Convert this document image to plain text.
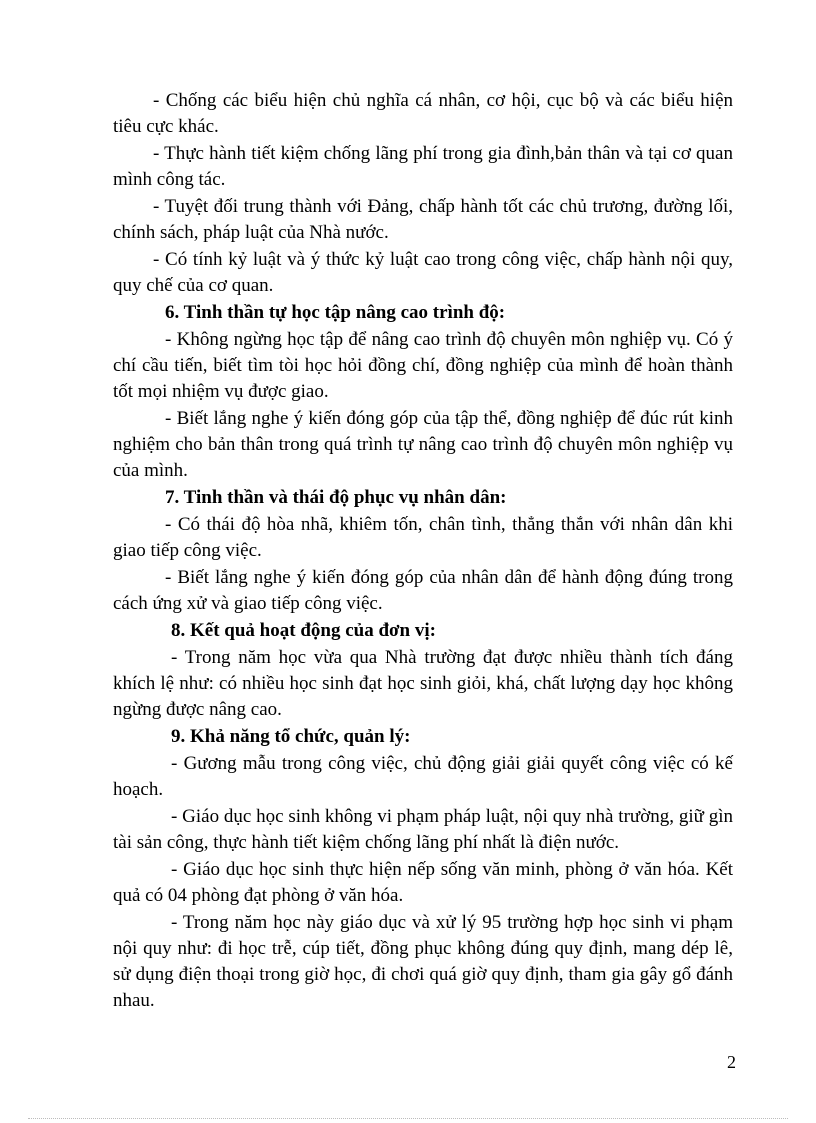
- Chống các biểu hiện chủ nghĩa cá nhân, cơ hội, cục bộ và các biểu hiện tiêu cực khác.

- Thực hành tiết kiệm chống lãng phí trong gia đình,bản thân và tại cơ quan mình công tác.

- Tuyệt đối trung thành với Đảng, chấp hành tốt các chủ trương, đường lối, chính sách, pháp luật của Nhà nước.

- Có tính kỷ luật và ý thức kỷ luật cao trong công việc, chấp hành nội quy, quy chế của cơ quan.

6. Tinh thần tự học tập nâng cao trình độ:

- Không ngừng học tập để nâng cao trình độ chuyên môn nghiệp vụ. Có ý chí cầu tiến, biết tìm tòi học hỏi đồng chí, đồng nghiệp của mình để hoàn thành tốt mọi nhiệm vụ được giao.

- Biết lắng nghe ý kiến đóng góp của tập thể, đồng nghiệp để đúc rút kinh nghiệm cho bản thân trong quá trình tự nâng cao trình độ chuyên môn nghiệp vụ của mình.

7. Tinh thần và thái độ phục vụ nhân dân:

- Có thái độ hòa nhã, khiêm tốn, chân tình, thẳng thắn với nhân dân khi giao tiếp công việc.

- Biết lắng nghe ý kiến đóng góp của nhân dân để hành động đúng trong cách ứng xử và giao tiếp công việc.

8. Kết quả hoạt động của đơn vị:

- Trong năm học vừa qua Nhà trường đạt được nhiều thành tích đáng khích lệ như: có nhiều học sinh đạt học sinh giỏi, khá, chất lượng dạy học không ngừng được nâng cao.

9. Khả năng tổ chức, quản lý:

- Gương mẫu trong công việc, chủ động giải giải quyết công việc có kế hoạch.

- Giáo dục học sinh không vi phạm pháp luật, nội quy nhà trường, giữ gìn tài sản công, thực hành tiết kiệm chống lãng phí nhất là điện nước.

- Giáo dục học sinh thực hiện nếp sống văn minh, phòng ở văn hóa. Kết quả có 04 phòng đạt phòng ở văn hóa.

- Trong năm học này giáo dục và xử lý 95 trường hợp học sinh vi phạm nội quy như: đi học trễ, cúp tiết, đồng phục không đúng quy định, mang dép lê, sử dụng điện thoại trong giờ học, đi chơi quá giờ quy định, tham gia gây gổ đánh nhau.

2
